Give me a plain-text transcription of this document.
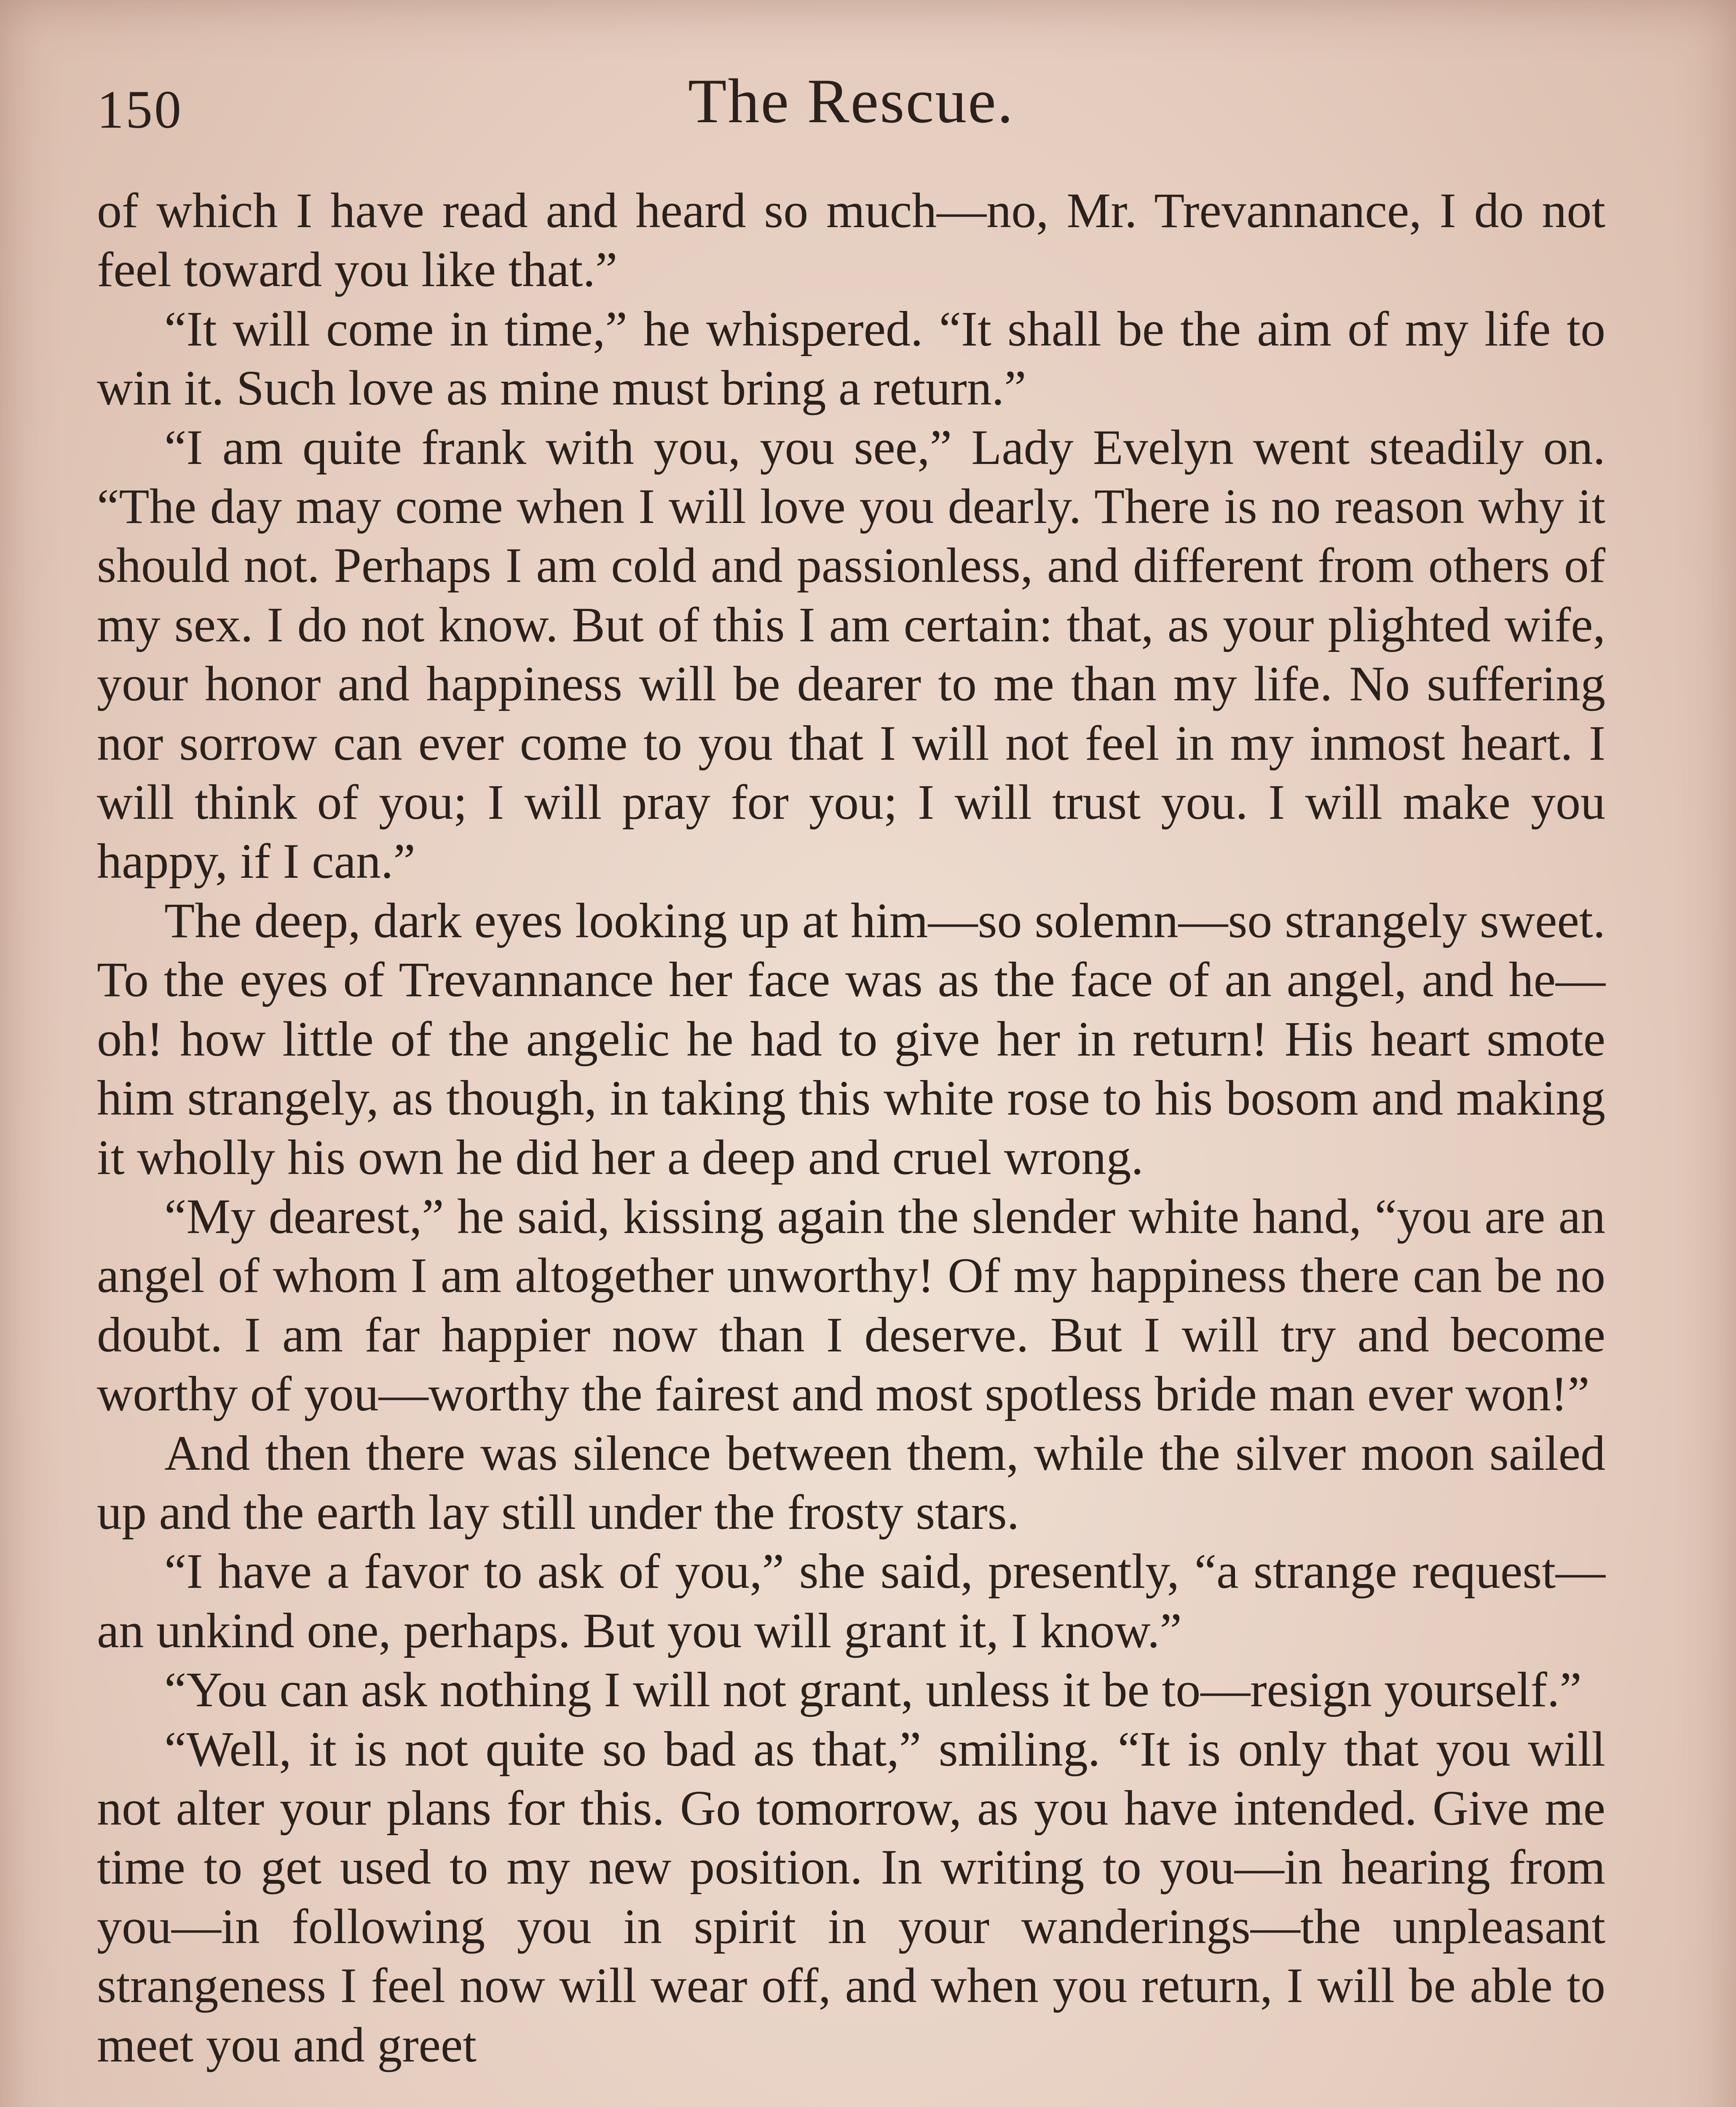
150	The Rescue.

of which I have read and heard so much—no, Mr. Trevannance, I do not feel toward you like that.”

“It will come in time,” he whispered. “It shall be the aim of my life to win it. Such love as mine must bring a return.”

“I am quite frank with you, you see,” Lady Evelyn went steadily on. “The day may come when I will love you dearly. There is no reason why it should not. Perhaps I am cold and passionless, and different from others of my sex. I do not know. But of this I am certain: that, as your plighted wife, your honor and happiness will be dearer to me than my life. No suffering nor sorrow can ever come to you that I will not feel in my inmost heart. I will think of you; I will pray for you; I will trust you. I will make you happy, if I can.”

The deep, dark eyes looking up at him—so solemn—so strangely sweet. To the eyes of Trevannance her face was as the face of an angel, and he—oh! how little of the angelic he had to give her in return! His heart smote him strangely, as though, in taking this white rose to his bosom and making it wholly his own he did her a deep and cruel wrong.

“My dearest,” he said, kissing again the slender white hand, “you are an angel of whom I am altogether unworthy! Of my happiness there can be no doubt. I am far happier now than I deserve. But I will try and become worthy of you—worthy the fairest and most spotless bride man ever won!”

And then there was silence between them, while the silver moon sailed up and the earth lay still under the frosty stars.

“I have a favor to ask of you,” she said, presently, “a strange request—an unkind one, perhaps. But you will grant it, I know.”

“You can ask nothing I will not grant, unless it be to—resign yourself.”

“Well, it is not quite so bad as that,” smiling. “It is only that you will not alter your plans for this. Go tomorrow, as you have intended. Give me time to get used to my new position. In writing to you—in hearing from you—in following you in spirit in your wanderings—the unpleasant strangeness I feel now will wear off, and when you return, I will be able to meet you and greet
